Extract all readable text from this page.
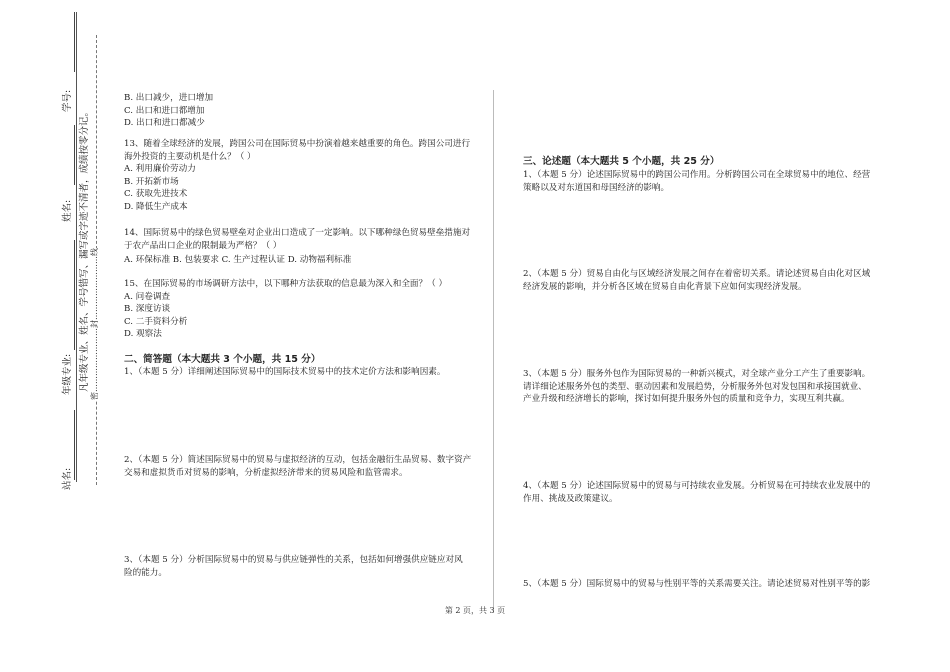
学号:
姓名:
年级专业:
站名:
凡年级专业、姓名、学号错写、漏写或字迹不清者，成绩按零分记。 密……………………封……………………线

B. 出口减少，进口增加

C. 出口和进口都增加

D. 出口和进口都减少

13、随着全球经济的发展，跨国公司在国际贸易中扮演着越来越重要的角色。跨国公司进行

海外投资的主要动机是什么？（ ）

A. 利用廉价劳动力

B. 开拓新市场

C. 获取先进技术

D. 降低生产成本

14、国际贸易中的绿色贸易壁垒对企业出口造成了一定影响。以下哪种绿色贸易壁垒措施对

于农产品出口企业的限制最为严格？（ ）

A. 环保标准 B. 包装要求 C. 生产过程认证 D. 动物福利标准

15、在国际贸易的市场调研方法中，以下哪种方法获取的信息最为深入和全面？（ ）

A. 问卷调查

B. 深度访谈

C. 二手资料分析

D. 观察法

二、简答题（本大题共 3 个小题，共 15 分）

1、（本题 5 分）详细阐述国际贸易中的国际技术贸易中的技术定价方法和影响因素。

2、（本题 5 分）简述国际贸易中的贸易与虚拟经济的互动，包括金融衍生品贸易、数字资产

交易和虚拟货币对贸易的影响，分析虚拟经济带来的贸易风险和监管需求。

3、（本题 5 分）分析国际贸易中的贸易与供应链弹性的关系，包括如何增强供应链应对风

险的能力。

三、论述题（本大题共 5 个小题，共 25 分）

1、（本题 5 分）论述国际贸易中的跨国公司作用。分析跨国公司在全球贸易中的地位、经营

策略以及对东道国和母国经济的影响。

2、（本题 5 分）贸易自由化与区域经济发展之间存在着密切关系。请论述贸易自由化对区域

经济发展的影响，并分析各区域在贸易自由化背景下应如何实现经济发展。

3、（本题 5 分）服务外包作为国际贸易的一种新兴模式，对全球产业分工产生了重要影响。

请详细论述服务外包的类型、驱动因素和发展趋势，分析服务外包对发包国和承接国就业、

产业升级和经济增长的影响，探讨如何提升服务外包的质量和竞争力，实现互利共赢。

4、（本题 5 分）论述国际贸易中的贸易与可持续农业发展。分析贸易在可持续农业发展中的

作用、挑战及政策建议。

5、（本题 5 分）国际贸易中的贸易与性别平等的关系需要关注。请论述贸易对性别平等的影

第 2 页，共 3 页
